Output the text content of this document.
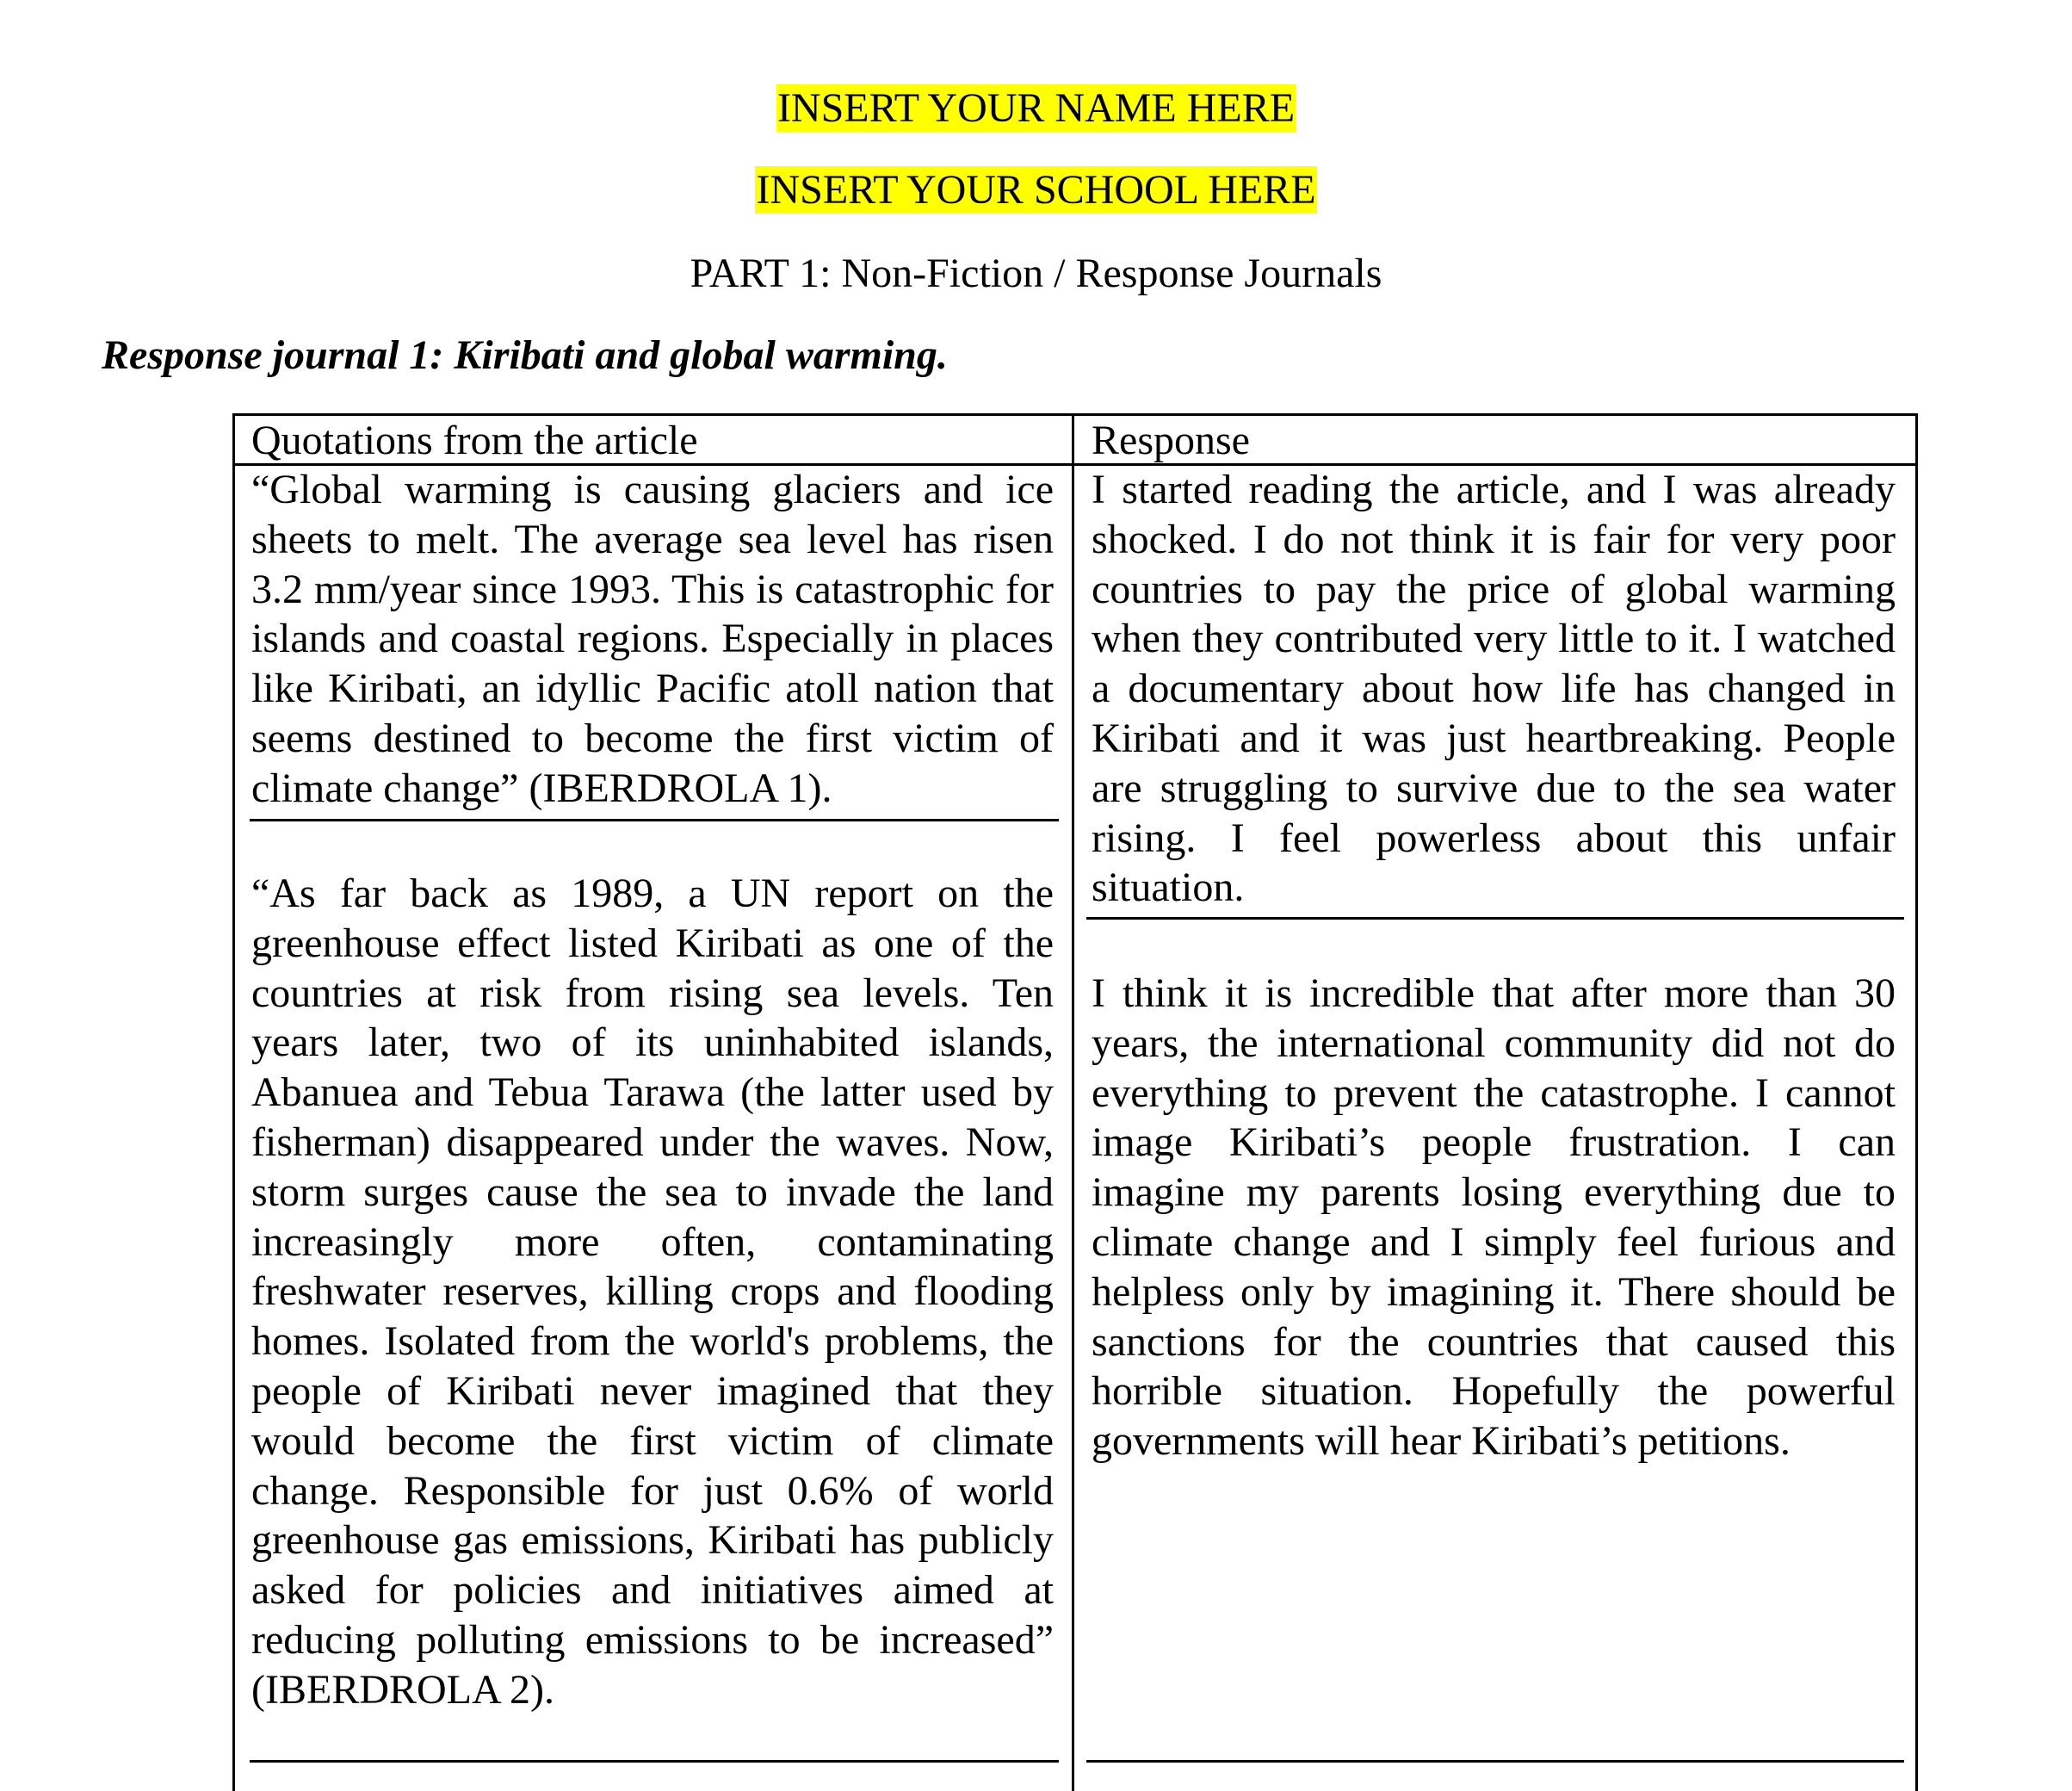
INSERT YOUR NAME HERE
INSERT YOUR SCHOOL HERE
PART 1: Non-Fiction / Response Journals
Response journal 1: Kiribati and global warming.
Quotations from the article	Response

“Global warming is causing glaciers and ice sheets to melt. The average sea level has risen 3.2 mm/year since 1993. This is catastrophic for islands and coastal regions. Especially in places like Kiribati, an idyllic Pacific atoll nation that seems destined to become the first victim of climate change” (IBERDROLA 1).

“As far back as 1989, a UN report on the greenhouse effect listed Kiribati as one of the countries at risk from rising sea levels. Ten years later, two of its uninhabited islands, Abanuea and Tebua Tarawa (the latter used by fisherman) disappeared under the waves. Now, storm surges cause the sea to invade the land increasingly more often, contaminating freshwater reserves, killing crops and flooding homes. Isolated from the world's problems, the people of Kiribati never imagined that they would become the first victim of climate change. Responsible for just 0.6% of world greenhouse gas emissions, Kiribati has publicly asked for policies and initiatives aimed at reducing polluting emissions to be increased” (IBERDROLA 2).

I started reading the article, and I was already shocked. I do not think it is fair for very poor countries to pay the price of global warming when they contributed very little to it. I watched a documentary about how life has changed in Kiribati and it was just heartbreaking. People are struggling to survive due to the sea water rising. I feel powerless about this unfair situation.

I think it is incredible that after more than 30 years, the international community did not do everything to prevent the catastrophe. I cannot image Kiribati’s people frustration. I can imagine my parents losing everything due to climate change and I simply feel furious and helpless only by imagining it. There should be sanctions for the countries that caused this horrible situation. Hopefully the powerful governments will hear Kiribati’s petitions.
